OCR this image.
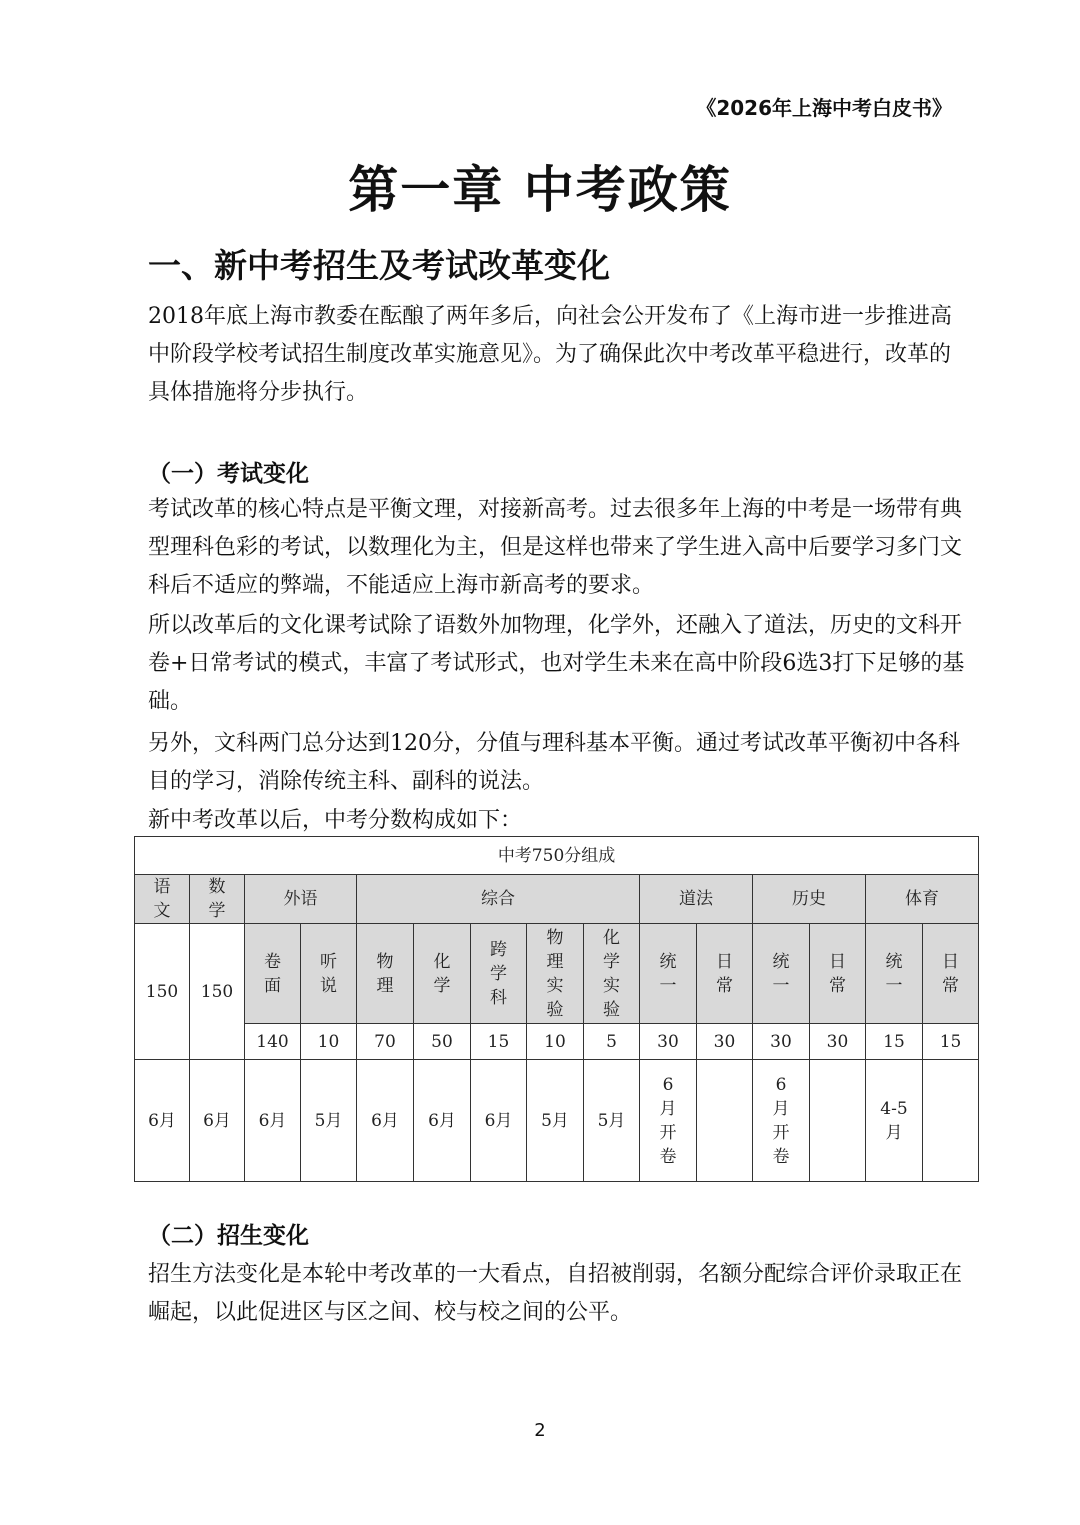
《2026年上海中考白皮书》
第一章 中考政策
一、新中考招生及考试改革变化

2018年底上海市教委在酝酿了两年多后，向社会公开发布了《上海市进一步推进高中阶段学校考试招生制度改革实施意见》。为了确保此次中考改革平稳进行，改革的具体措施将分步执行。

（一）考试变化

考试改革的核心特点是平衡文理，对接新高考。过去很多年上海的中考是一场带有典型理科色彩的考试，以数理化为主，但是这样也带来了学生进入高中后要学习多门文科后不适应的弊端，不能适应上海市新高考的要求。

所以改革后的文化课考试除了语数外加物理，化学外，还融入了道法，历史的文科开卷+日常考试的模式，丰富了考试形式，也对学生未来在高中阶段6选3打下足够的基础。

另外，文科两门总分达到120分，分值与理科基本平衡。通过考试改革平衡初中各科目的学习，消除传统主科、副科的说法。

新中考改革以后，中考分数构成如下：

中考750分组成														
语文	数学	外语		综合					道法		历史		体育	
150	150	卷面	听说	物理	化学	跨学科	物理实验	化学实验	统一	日常	统一	日常	统一	日常
		140	10	70	50	15	10	5	30	30	30	30	15	15
6月	6月	6月	5月	6月	6月	6月	5月	5月	6月开卷		6月开卷		4-5月	
（二）招生变化

招生方法变化是本轮中考改革的一大看点，自招被削弱，名额分配综合评价录取正在崛起，以此促进区与区之间、校与校之间的公平。

2
